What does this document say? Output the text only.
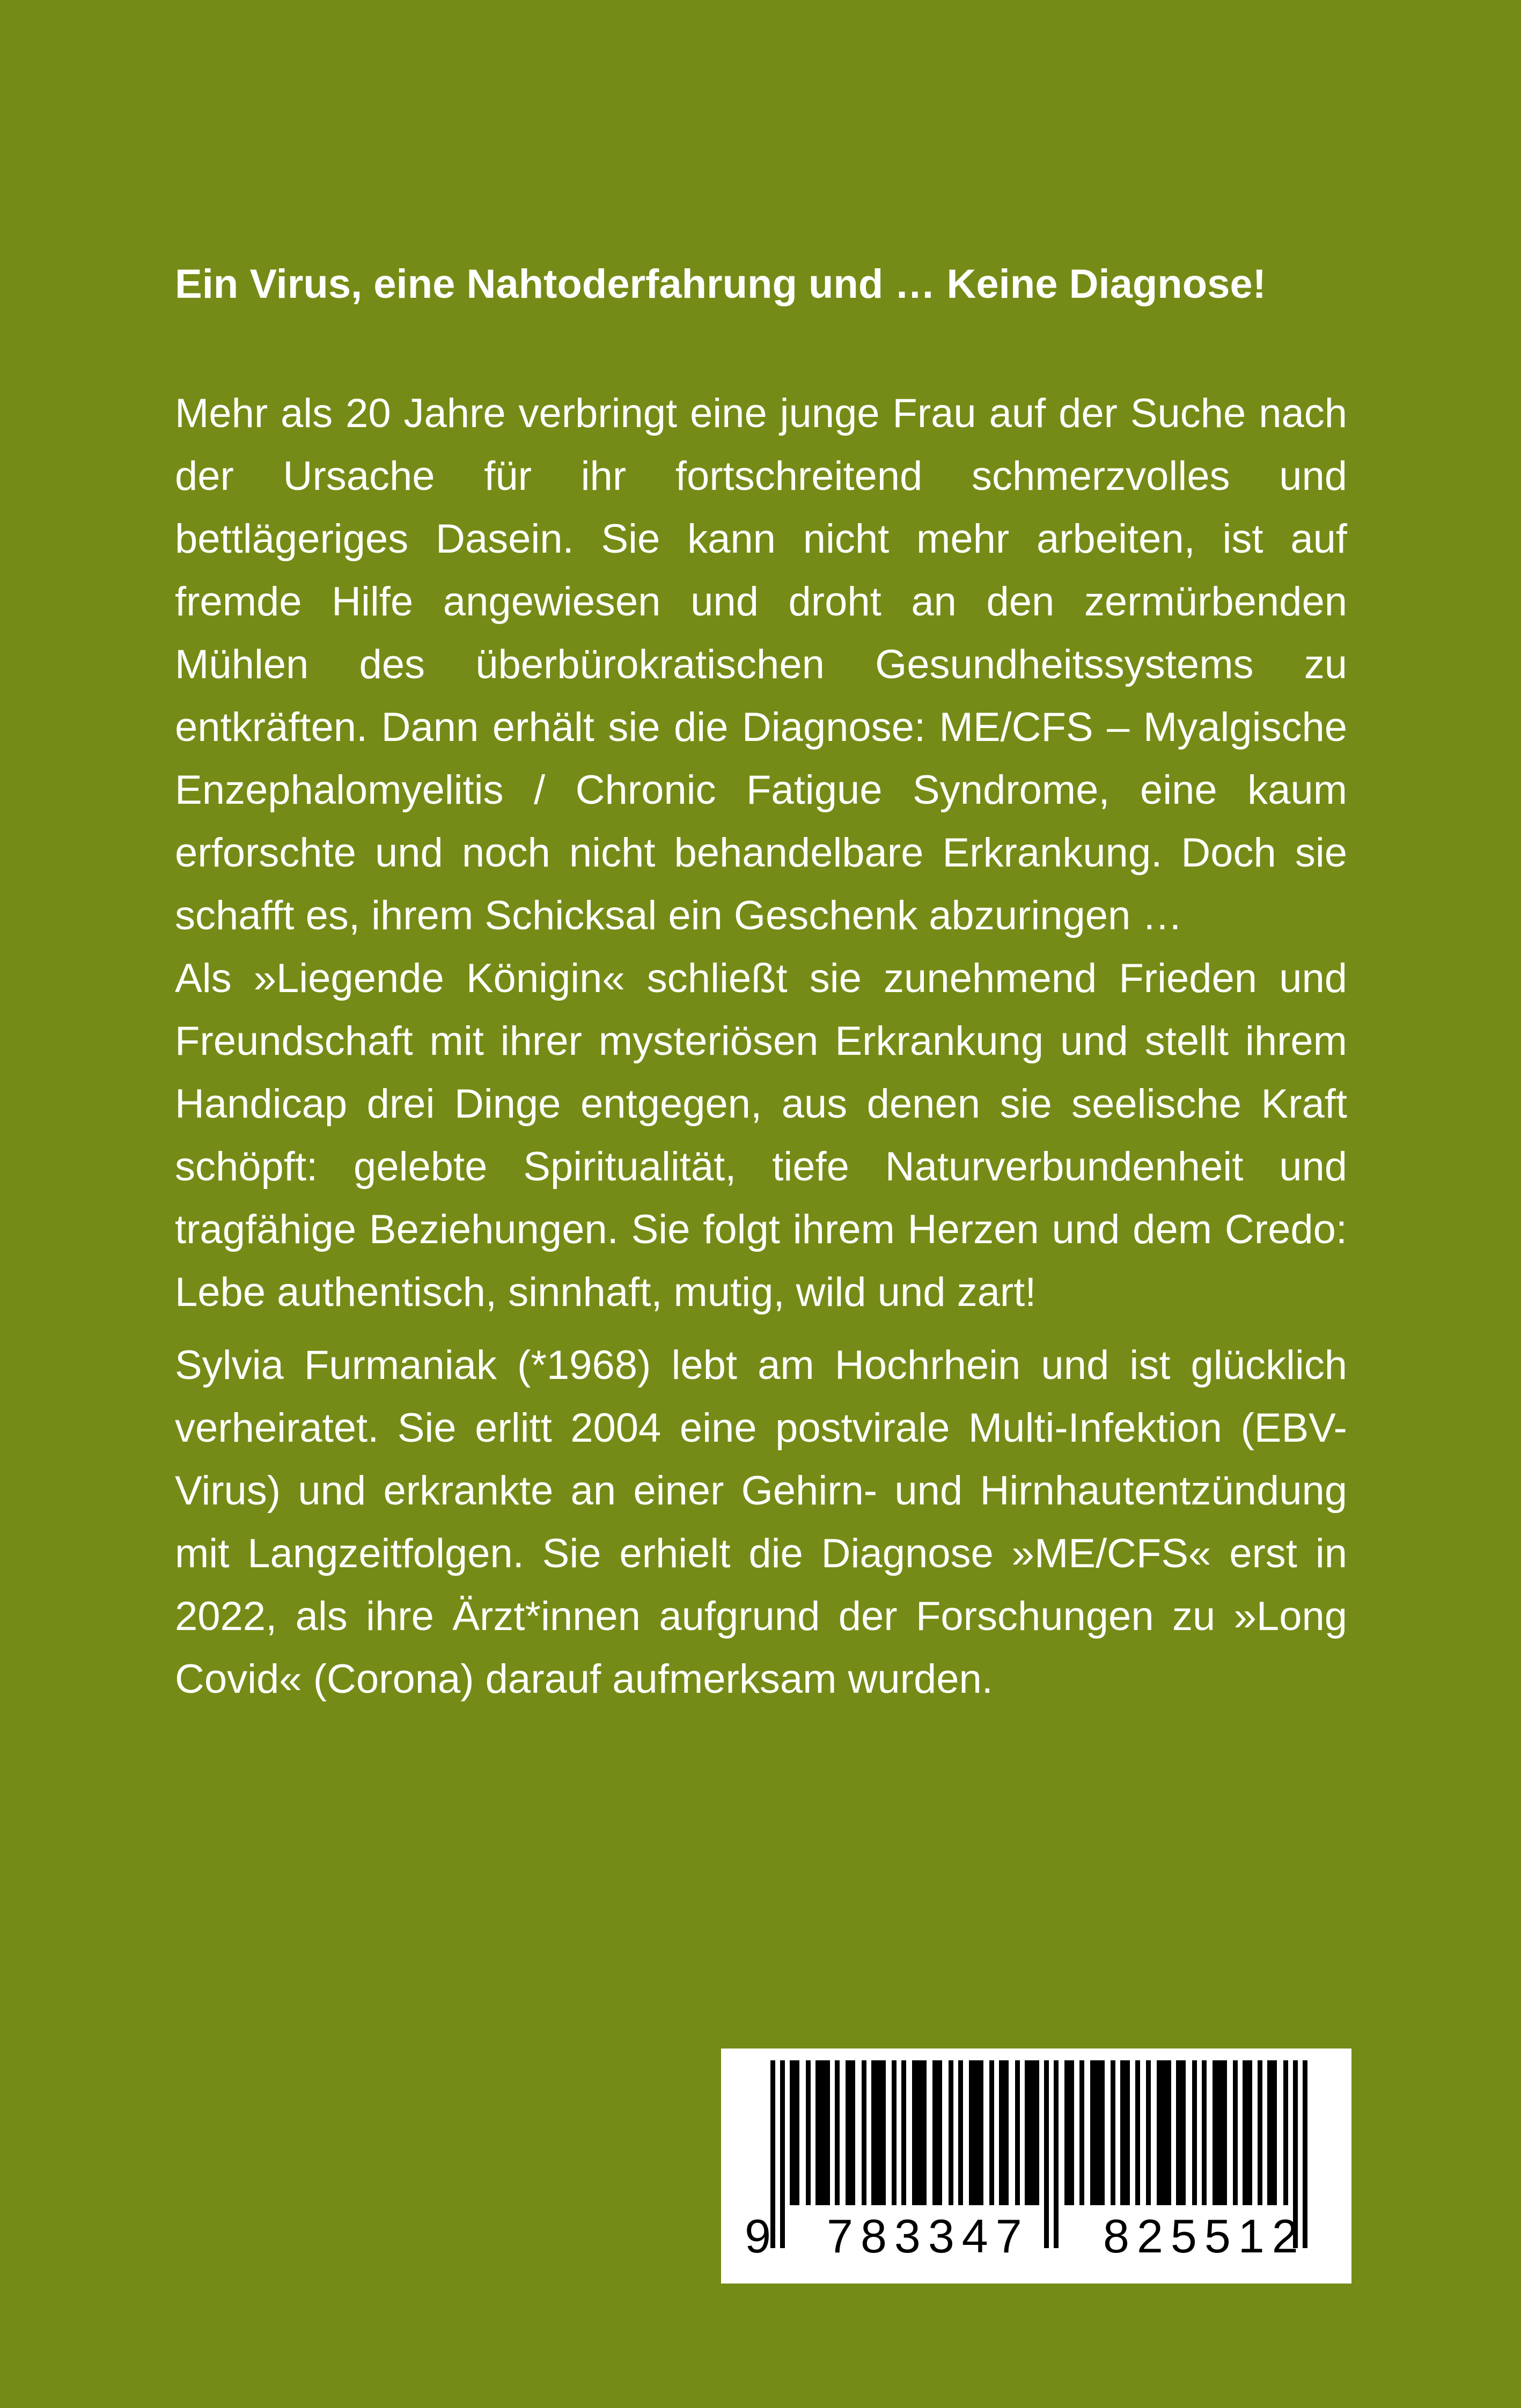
Ein Virus, eine Nahtoderfahrung und … Keine Diagnose!

Mehr als 20 Jahre verbringt eine junge Frau auf der Suche nach der Ursache für ihr fortschreitend schmerzvolles und bettlägeriges Dasein. Sie kann nicht mehr arbeiten, ist auf fremde Hilfe angewiesen und droht an den zermürbenden Mühlen des überbürokratischen Gesundheitssystems zu entkräften. Dann erhält sie die Diagnose: ME/CFS – Myalgische Enzephalomyelitis / Chronic Fatigue Syndrome, eine kaum erforschte und noch nicht behandelbare Erkrankung. Doch sie schafft es, ihrem Schicksal ein Geschenk abzuringen …

Als »Liegende Königin« schließt sie zunehmend Frieden und Freundschaft mit ihrer mysteriösen Erkrankung und stellt ihrem Handicap drei Dinge entgegen, aus denen sie seelische Kraft schöpft: gelebte Spiritualität, tiefe Naturverbundenheit und tragfähige Beziehungen. Sie folgt ihrem Herzen und dem Credo: Lebe authentisch, sinnhaft, mutig, wild und zart!

Sylvia Furmaniak (*1968) lebt am Hochrhein und ist glücklich verheiratet. Sie erlitt 2004 eine postvirale Multi-Infektion (EBV-Virus) und erkrankte an einer Gehirn- und Hirnhautentzündung mit Langzeitfolgen. Sie erhielt die Diagnose »ME/CFS« erst in 2022, als ihre Ärzt*innen aufgrund der Forschungen zu »Long Covid« (Corona) darauf aufmerksam wurden.

9 783347 825512
